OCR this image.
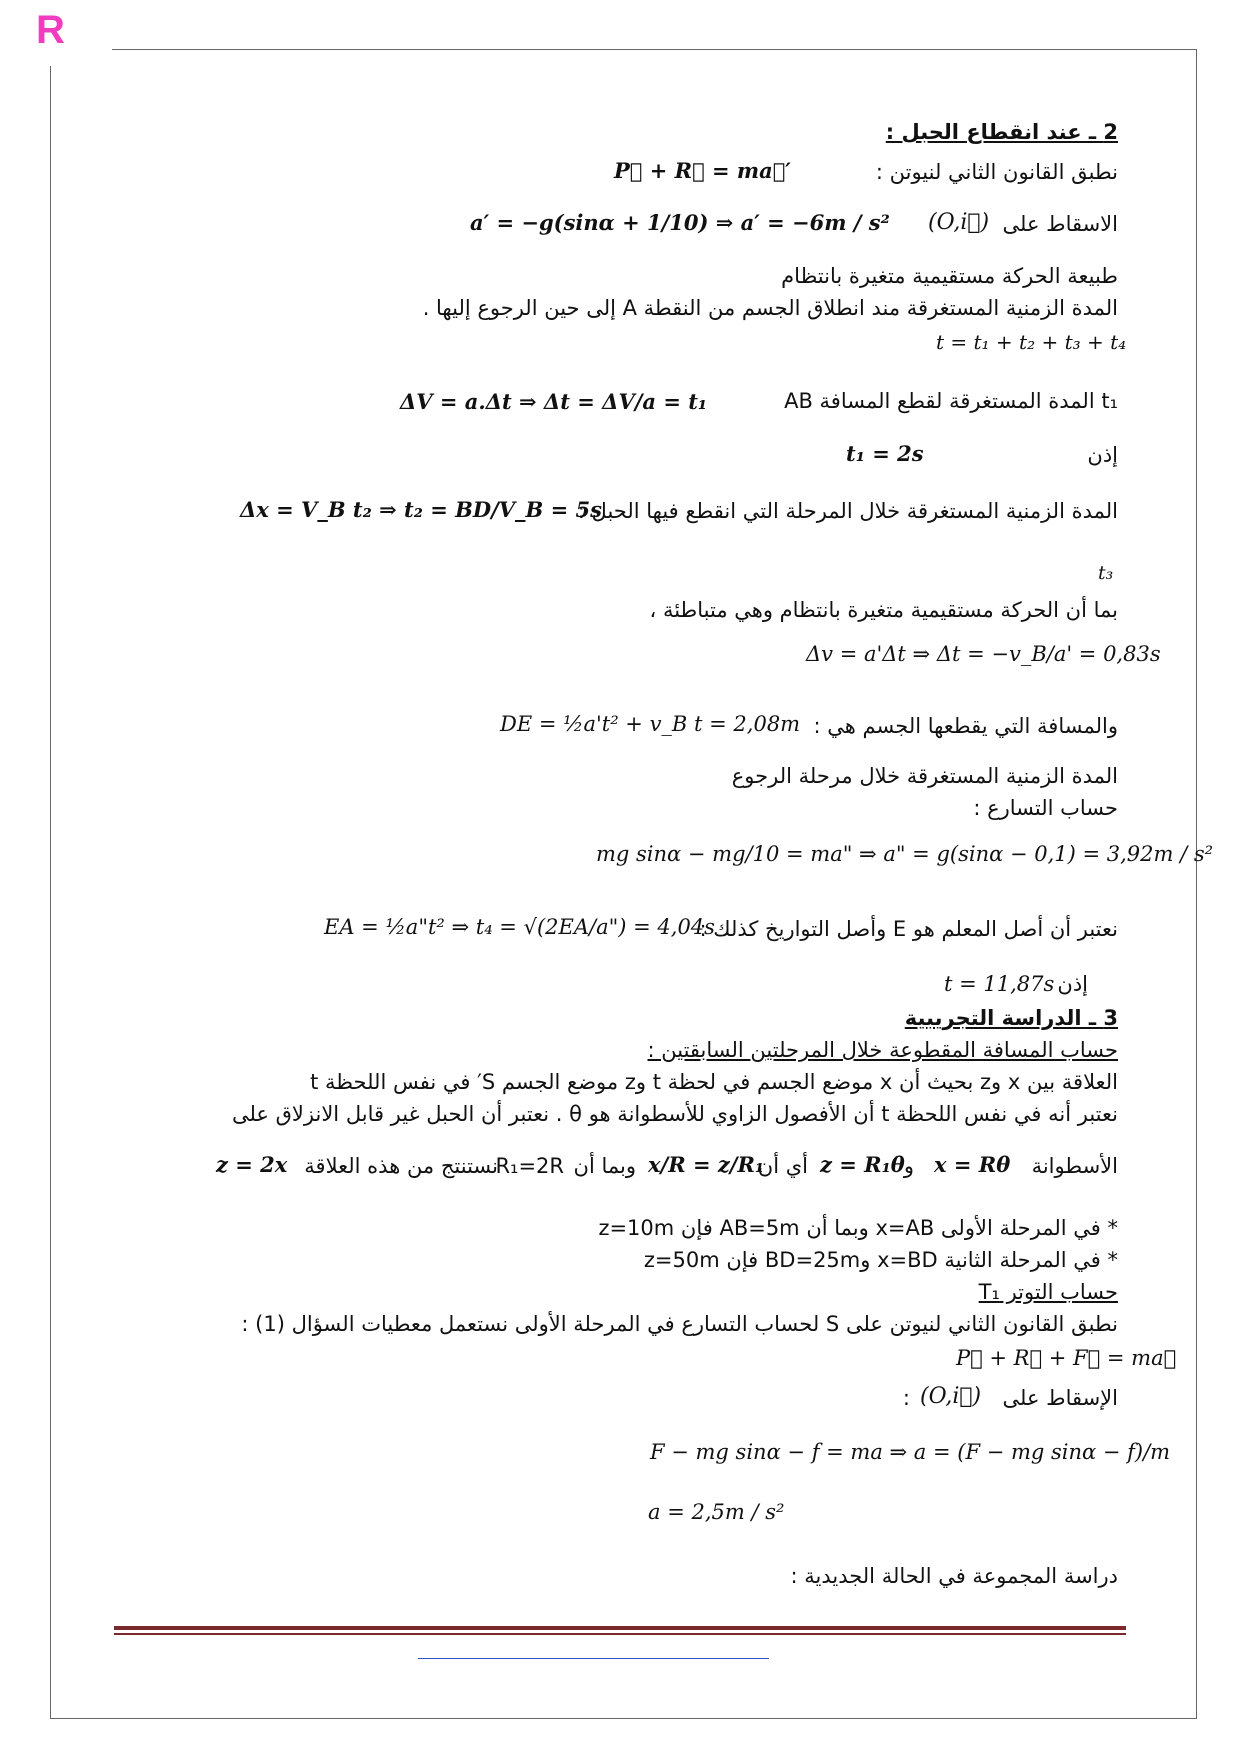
R
2 ـ عند انقطاع الحبل :
نطبق القانون الثاني لنيوتن :
P⃗ + R⃗ = ma⃗′
الاسقاط على
(O,i⃗)
a′ = −g(sinα + 1/10) ⇒ a′ = −6m / s²
طبيعة الحركة مستقيمية متغيرة بانتظام
المدة الزمنية المستغرقة مند انطلاق الجسم من النقطة A إلى حين الرجوع إليها .
t = t₁ + t₂ + t₃ + t₄
t₁ المدة المستغرقة لقطع المسافة AB
ΔV = a.Δt ⇒ Δt = ΔV/a = t₁
إذن
t₁ = 2s
المدة الزمنية المستغرقة خلال المرحلة التي انقطع فيها الحبل :
Δx = V_B t₂ ⇒ t₂ = BD/V_B = 5s
t₃
بما أن الحركة مستقيمية متغيرة بانتظام وهي متباطئة ،
Δv = a'Δt ⇒ Δt = −v_B/a' = 0,83s
والمسافة التي يقطعها الجسم هي :
DE = ½a't² + v_B t = 2,08m
المدة الزمنية المستغرقة خلال مرحلة الرجوع
حساب التسارع :
mg sinα − mg/10 = ma" ⇒ a" = g(sinα − 0,1) = 3,92m / s²
نعتبر أن أصل المعلم هو E وأصل التواريخ كذلك :
EA = ½a"t² ⇒ t₄ = √(2EA/a") = 4,04s
إذن
t = 11,87s
3 ـ الدراسة التجريبية
حساب المسافة المقطوعة خلال المرحلتين السابقتين :
العلاقة بين x وz بحيث أن x موضع الجسم في لحظة t وz موضع الجسم S′ في نفس اللحظة t
نعتبر أنه في نفس اللحظة t أن الأفصول الزاوي للأسطوانة هو θ . نعتبر أن الحبل غير قابل الانزلاق على
الأسطوانة
x = Rθ
و
z = R₁θ
أي أن
x/R = z/R₁
وبما أن
R₁=2R
نستنتج من هذه العلاقة
z = 2x
* في المرحلة الأولى x=AB وبما أن AB=5m فإن z=10m
* في المرحلة الثانية x=BD وBD=25m فإن z=50m
حساب التوتر T₁
نطبق القانون الثاني لنيوتن على S لحساب التسارع في المرحلة الأولى نستعمل معطيات السؤال (1) :
P⃗ + R⃗ + F⃗ = ma⃗
الإسقاط على
(O,i⃗)
:
F − mg sinα − f = ma ⇒ a = (F − mg sinα − f)/m
a = 2,5m / s²
دراسة المجموعة في الحالة الجديدية :
